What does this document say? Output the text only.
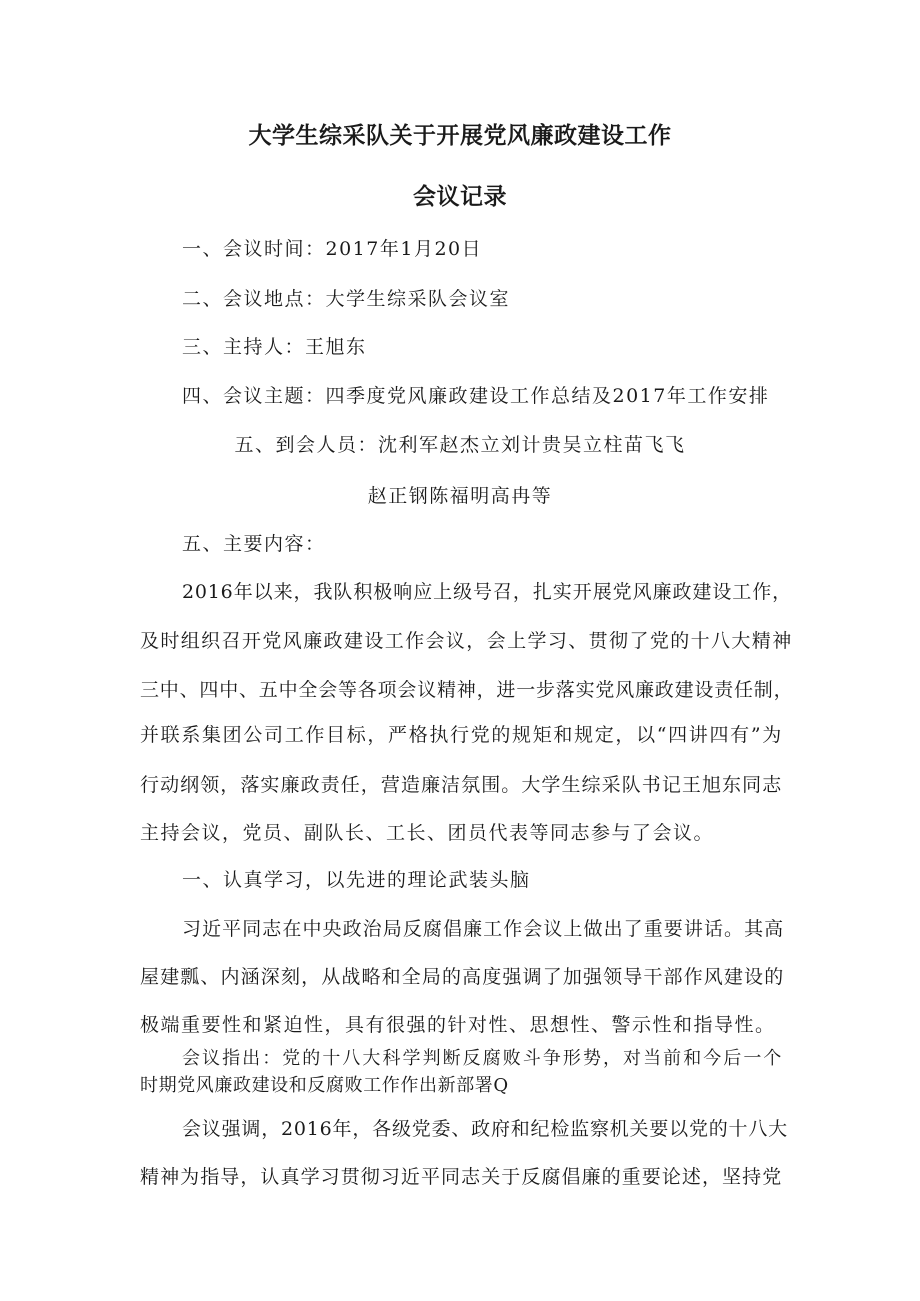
大学生综采队关于开展党风廉政建设工作
会议记录
一、会议时间：2017年1月20日
二、会议地点：大学生综采队会议室
三、主持人：王旭东
四、会议主题：四季度党风廉政建设工作总结及2017年工作安排
五、到会人员：沈利军赵杰立刘计贵吴立柱苗飞飞
赵正钢陈福明高冉等
五、主要内容：
2016年以来，我队积极响应上级号召，扎实开展党风廉政建设工作，
及时组织召开党风廉政建设工作会议，会上学习、贯彻了党的十八大精神
三中、四中、五中全会等各项会议精神，进一步落实党风廉政建设责任制，
并联系集团公司工作目标，严格执行党的规矩和规定，以“四讲四有”为
行动纲领，落实廉政责任，营造廉洁氛围。大学生综采队书记王旭东同志
主持会议，党员、副队长、工长、团员代表等同志参与了会议。
一、认真学习，以先进的理论武装头脑
习近平同志在中央政治局反腐倡廉工作会议上做出了重要讲话。其高
屋建瓢、内涵深刻，从战略和全局的高度强调了加强领导干部作风建设的
极端重要性和紧迫性，具有很强的针对性、思想性、警示性和指导性。
会议指出：党的十八大科学判断反腐败斗争形势，对当前和今后一个
时期党风廉政建设和反腐败工作作出新部署Q
会议强调，2016年，各级党委、政府和纪检监察机关要以党的十八大
精神为指导，认真学习贯彻习近平同志关于反腐倡廉的重要论述，坚持党
